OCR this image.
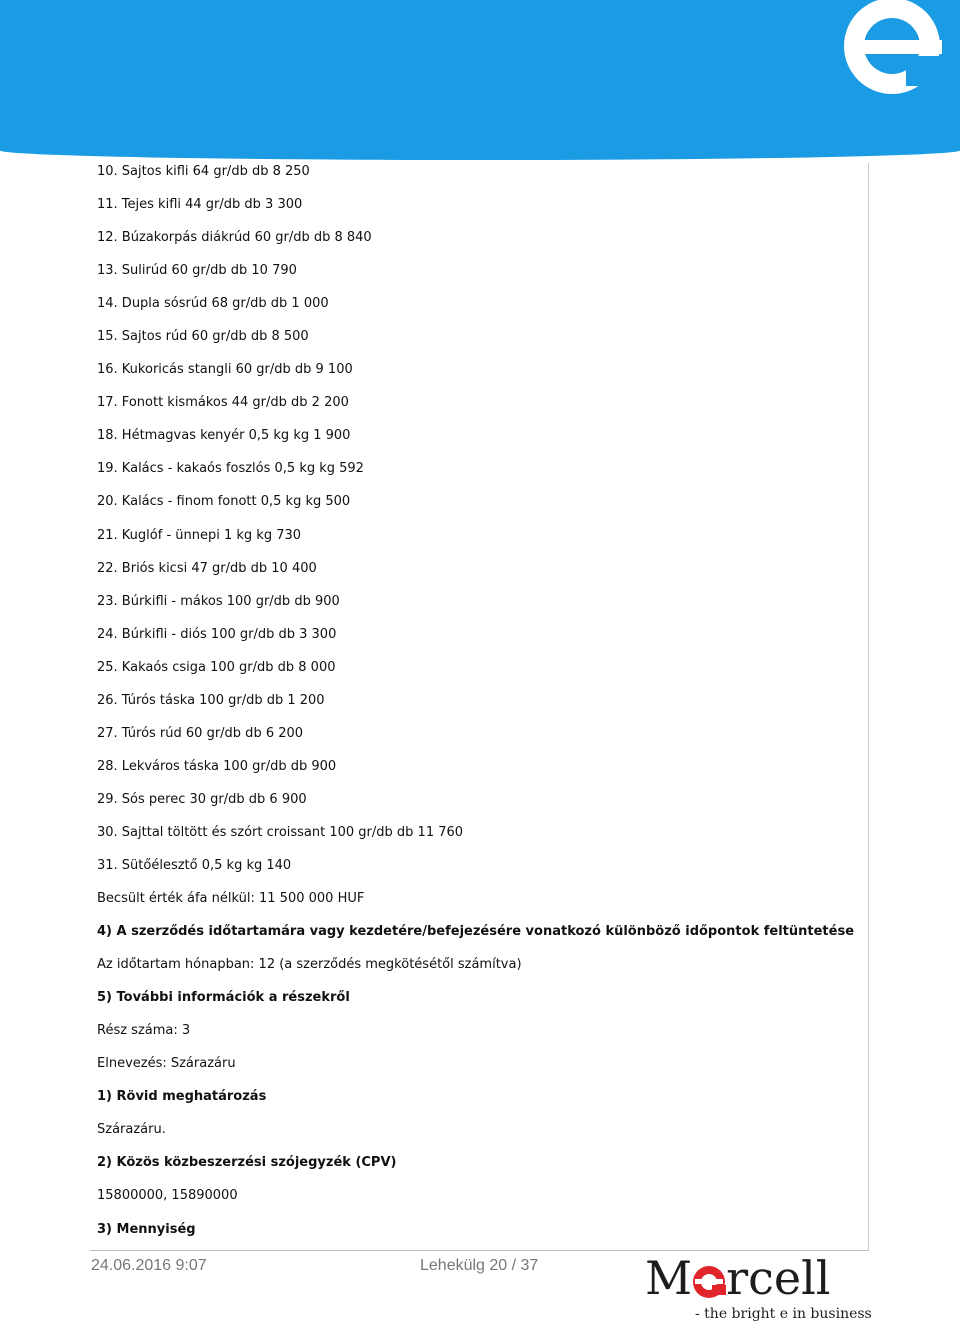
10. Sajtos kifli 64 gr/db db 8 250
11. Tejes kifli 44 gr/db db 3 300
12. Búzakorpás diákrúd 60 gr/db db 8 840
13. Sulirúd 60 gr/db db 10 790
14. Dupla sósrúd 68 gr/db db 1 000
15. Sajtos rúd 60 gr/db db 8 500
16. Kukoricás stangli 60 gr/db db 9 100
17. Fonott kismákos 44 gr/db db 2 200
18. Hétmagvas kenyér 0,5 kg kg 1 900
19. Kalács - kakaós foszlós 0,5 kg kg 592
20. Kalács - finom fonott 0,5 kg kg 500
21. Kuglóf - ünnepi 1 kg kg 730
22. Briós kicsi 47 gr/db db 10 400
23. Búrkifli - mákos 100 gr/db db 900
24. Búrkifli - diós 100 gr/db db 3 300
25. Kakaós csiga 100 gr/db db 8 000
26. Túrós táska 100 gr/db db 1 200
27. Túrós rúd 60 gr/db db 6 200
28. Lekváros táska 100 gr/db db 900
29. Sós perec 30 gr/db db 6 900
30. Sajttal töltött és szórt croissant 100 gr/db db 11 760
31. Sütőélesztő 0,5 kg kg 140
Becsült érték áfa nélkül: 11 500 000 HUF
4) A szerződés időtartamára vagy kezdetére/befejezésére vonatkozó különböző időpontok feltüntetése
Az időtartam hónapban: 12 (a szerződés megkötésétől számítva)
5) További információk a részekről
Rész száma: 3
Elnevezés: Szárazáru
1) Rövid meghatározás
Szárazáru.
2) Közös közbeszerzési szójegyzék (CPV)
15800000, 15890000
3) Mennyiség
24.06.2016 9:07	Lehekülg 20 / 37 M rcell
- the bright e in business
